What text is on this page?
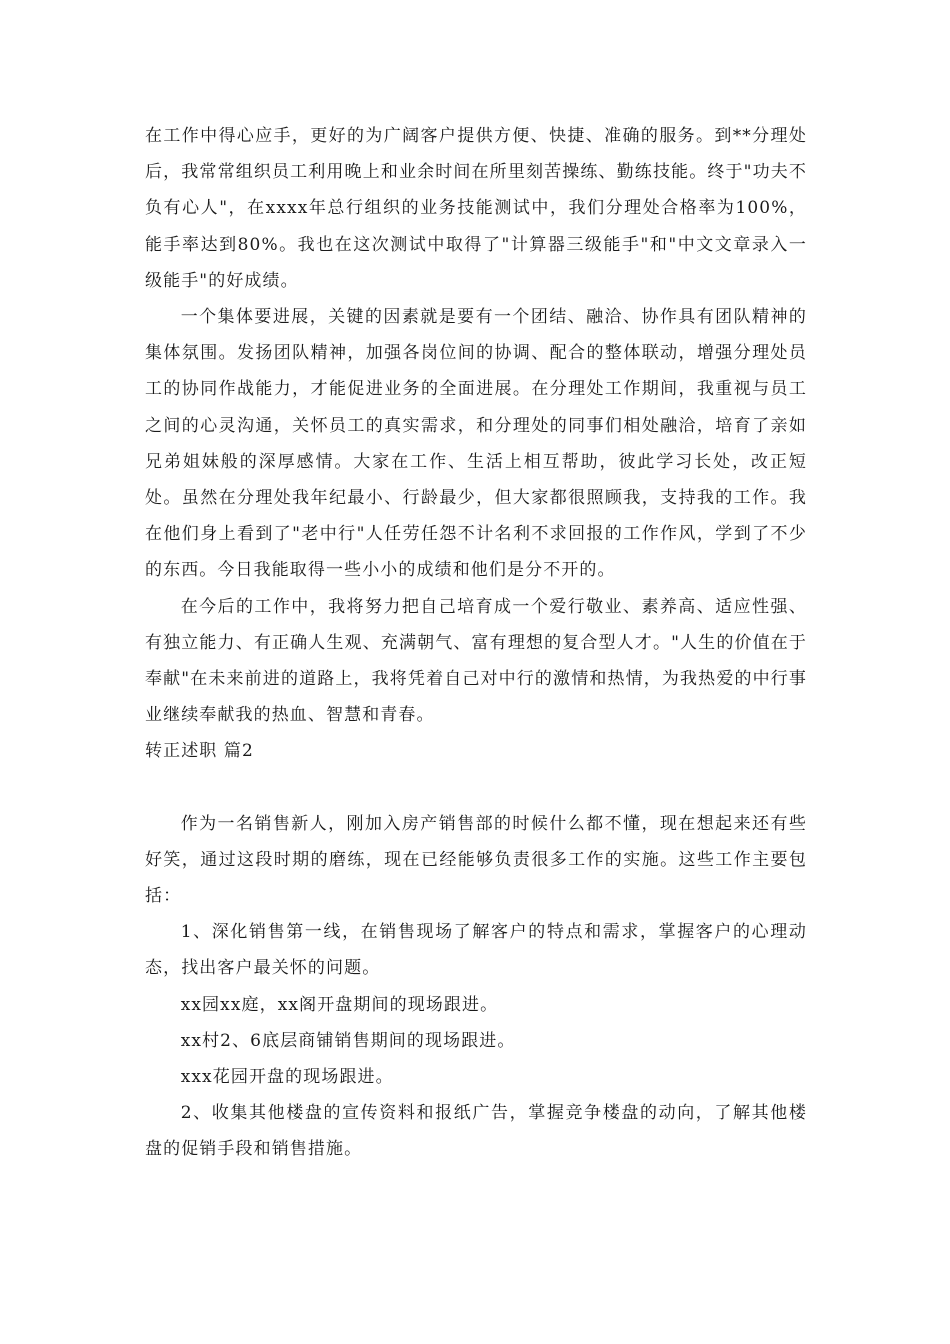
在工作中得心应手，更好的为广阔客户提供方便、快捷、准确的服务。到**分理处后，我常常组织员工利用晚上和业余时间在所里刻苦操练、勤练技能。终于"功夫不负有心人"，在xxxx年总行组织的业务技能测试中，我们分理处合格率为100%，能手率达到80%。我也在这次测试中取得了"计算器三级能手"和"中文文章录入一级能手"的好成绩。

一个集体要进展，关键的因素就是要有一个团结、融洽、协作具有团队精神的集体氛围。发扬团队精神，加强各岗位间的协调、配合的整体联动，增强分理处员工的协同作战能力，才能促进业务的全面进展。在分理处工作期间，我重视与员工之间的心灵沟通，关怀员工的真实需求，和分理处的同事们相处融洽，培育了亲如兄弟姐妹般的深厚感情。大家在工作、生活上相互帮助，彼此学习长处，改正短处。虽然在分理处我年纪最小、行龄最少，但大家都很照顾我，支持我的工作。我在他们身上看到了"老中行"人任劳任怨不计名利不求回报的工作作风，学到了不少的东西。今日我能取得一些小小的成绩和他们是分不开的。

在今后的工作中，我将努力把自己培育成一个爱行敬业、素养高、适应性强、有独立能力、有正确人生观、充满朝气、富有理想的复合型人才。"人生的价值在于奉献"在未来前进的道路上，我将凭着自己对中行的激情和热情，为我热爱的中行事业继续奉献我的热血、智慧和青春。

转正述职 篇2

作为一名销售新人，刚加入房产销售部的时候什么都不懂，现在想起来还有些好笑，通过这段时期的磨练，现在已经能够负责很多工作的实施。这些工作主要包括：

1、深化销售第一线，在销售现场了解客户的特点和需求，掌握客户的心理动态，找出客户最关怀的问题。

xx园xx庭，xx阁开盘期间的现场跟进。

xx村2、6底层商铺销售期间的现场跟进。

xxx花园开盘的现场跟进。

2、收集其他楼盘的宣传资料和报纸广告，掌握竞争楼盘的动向，了解其他楼盘的促销手段和销售措施。
